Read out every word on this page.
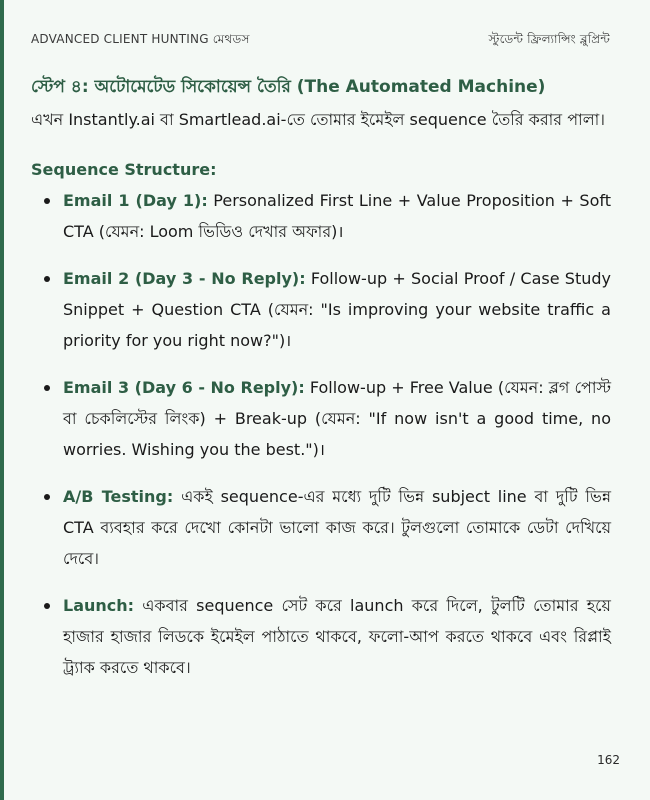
ADVANCED CLIENT HUNTING মেথডস	স্টুডেন্ট ফ্রিল্যান্সিং ব্লুপ্রিন্ট
স্টেপ ৪: অটোমেটেড সিকোয়েন্স তৈরি (The Automated Machine)

এখন Instantly.ai বা Smartlead.ai-তে তোমার ইমেইল sequence তৈরি করার পালা।

Sequence Structure:
Email 1 (Day 1): Personalized First Line + Value Proposition + Soft CTA (যেমন: Loom ভিডিও দেখার অফার)।
Email 2 (Day 3 - No Reply): Follow-up + Social Proof / Case Study Snippet + Question CTA (যেমন: "Is improving your website traffic a priority for you right now?")।
Email 3 (Day 6 - No Reply): Follow-up + Free Value (যেমন: ব্লগ পোস্ট বা চেকলিস্টের লিংক) + Break-up (যেমন: "If now isn't a good time, no worries. Wishing you the best.")।
A/B Testing: একই sequence-এর মধ্যে দুটি ভিন্ন subject line বা দুটি ভিন্ন CTA ব্যবহার করে দেখো কোনটা ভালো কাজ করে। টুলগুলো তোমাকে ডেটা দেখিয়ে দেবে।
Launch: একবার sequence সেট করে launch করে দিলে, টুলটি তোমার হয়ে হাজার হাজার লিডকে ইমেইল পাঠাতে থাকবে, ফলো-আপ করতে থাকবে এবং রিপ্লাই ট্র্যাক করতে থাকবে।
162
